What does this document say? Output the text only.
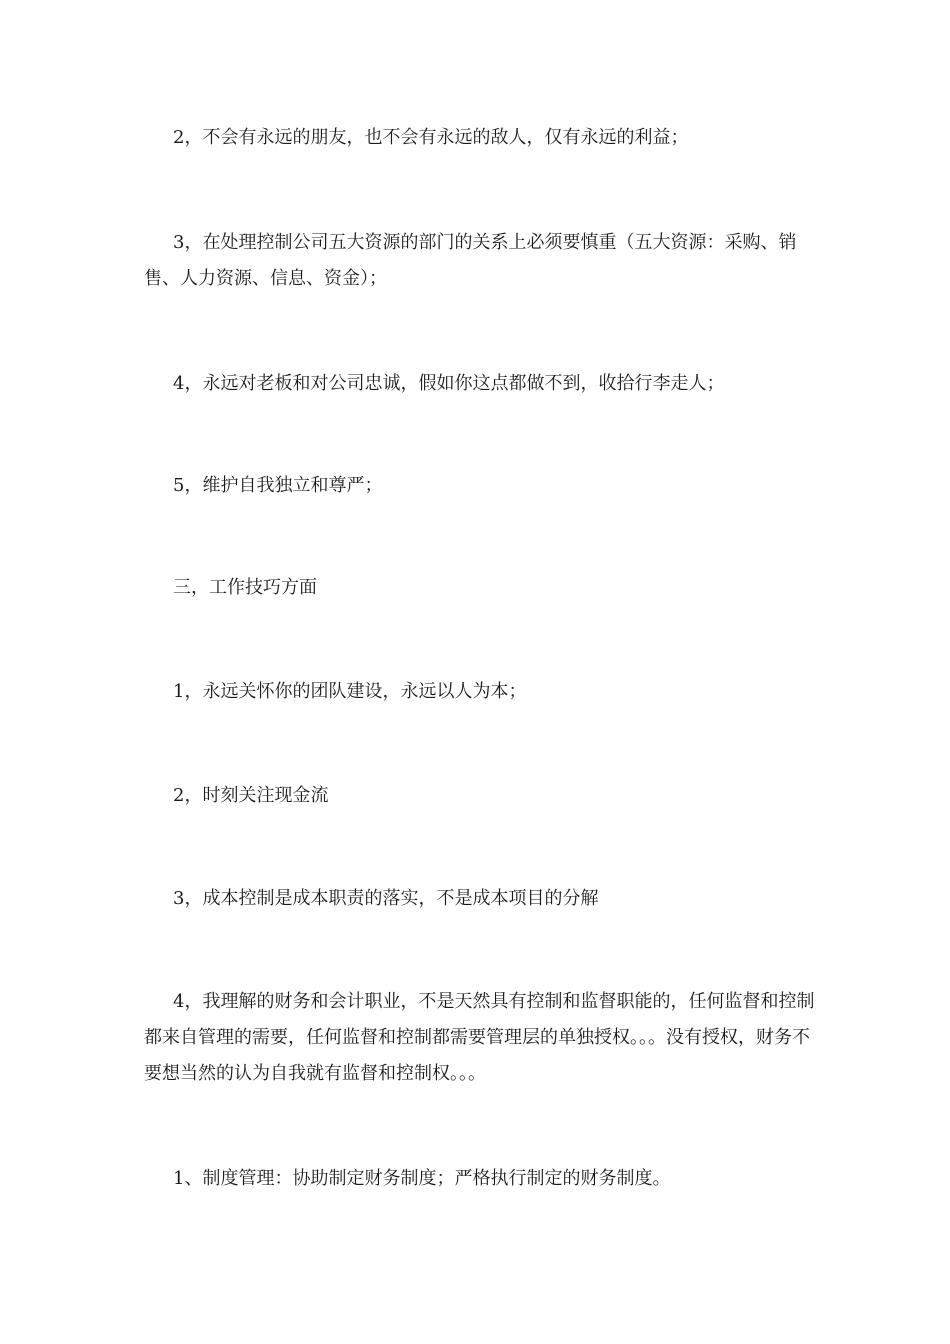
2，不会有永远的朋友，也不会有永远的敌人，仅有永远的利益；

3，在处理控制公司五大资源的部门的关系上必须要慎重（五大资源：采购、销售、人力资源、信息、资金）；

4，永远对老板和对公司忠诚，假如你这点都做不到，收拾行李走人；

5，维护自我独立和尊严；

三，工作技巧方面

1，永远关怀你的团队建设，永远以人为本；

2，时刻关注现金流

3，成本控制是成本职责的落实，不是成本项目的分解

4，我理解的财务和会计职业，不是天然具有控制和监督职能的，任何监督和控制都来自管理的需要，任何监督和控制都需要管理层的单独授权。。。没有授权，财务不要想当然的认为自我就有监督和控制权。。。

1、制度管理：协助制定财务制度；严格执行制定的财务制度。
